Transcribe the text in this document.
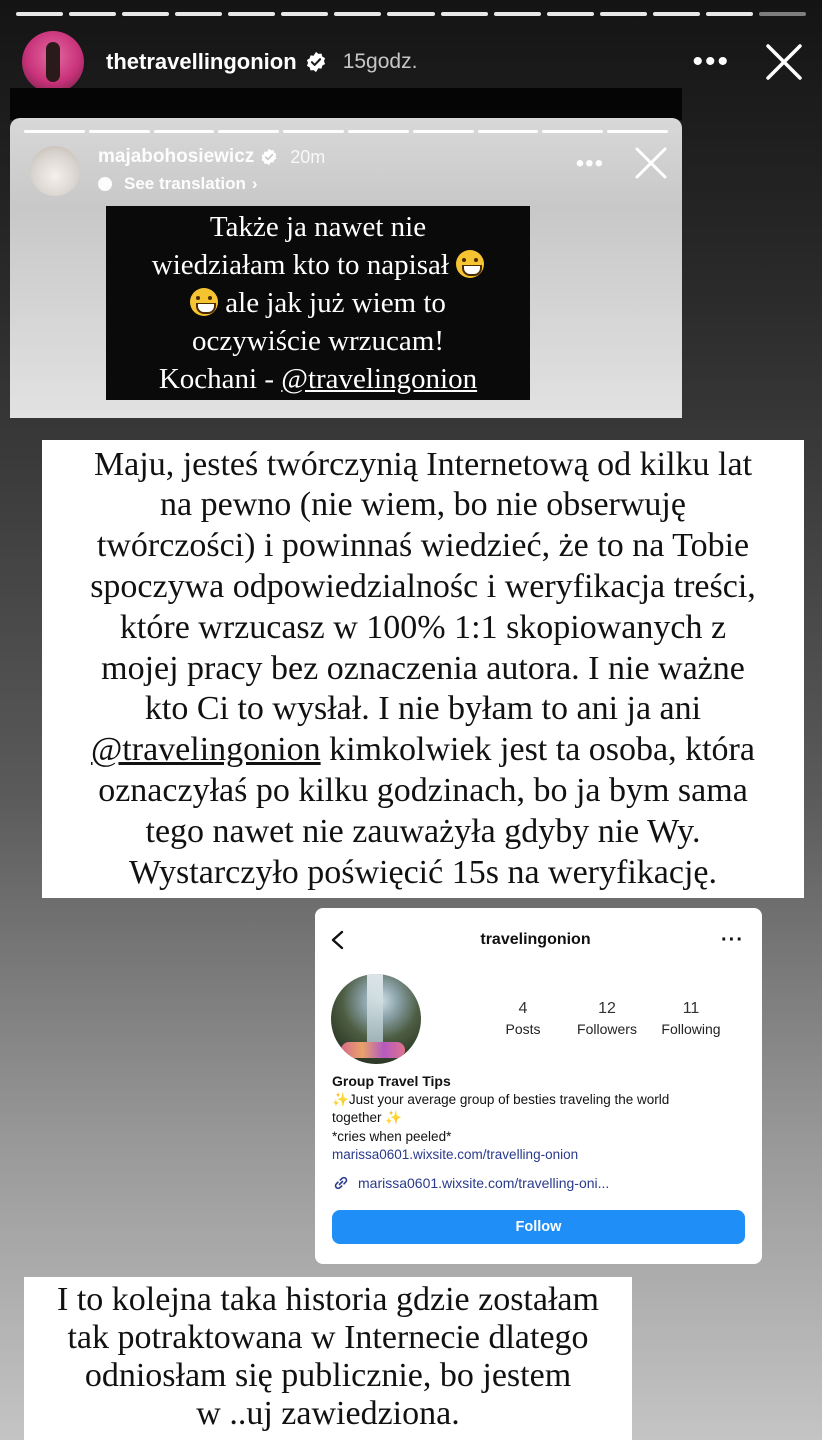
thetravellingonion 15godz.	•••
majabohosiewicz 20m
See translation ›
•••
Także ja nawet nie
wiedziałam kto to napisał
ale jak już wiem to
oczywiście wrzucam!
Kochani - @travelingonion
Maju, jesteś twórczynią Internetową od kilku lat
na pewno (nie wiem, bo nie obserwuję
twórczości) i powinnaś wiedzieć, że to na Tobie
spoczywa odpowiedzialnośc i weryfikacja treści,
które wrzucasz w 100% 1:1 skopiowanych z
mojej pracy bez oznaczenia autora. I nie ważne
kto Ci to wysłał. I nie byłam to ani ja ani
@travelingonion kimkolwiek jest ta osoba, która
oznaczyłaś po kilku godzinach, bo ja bym sama
tego nawet nie zauważyła gdyby nie Wy.
Wystarczyło poświęcić 15s na weryfikację.
travelingonion	···
4
Posts
12
Followers
11
Following
Group Travel Tips
✨Just your average group of besties traveling the world
together ✨
*cries when peeled*
marissa0601.wixsite.com/travelling-onion
marissa0601.wixsite.com/travelling-oni...
Follow
I to kolejna taka historia gdzie zostałam
tak potraktowana w Internecie dlatego
odniosłam się publicznie, bo jestem
w ..uj zawiedziona.
